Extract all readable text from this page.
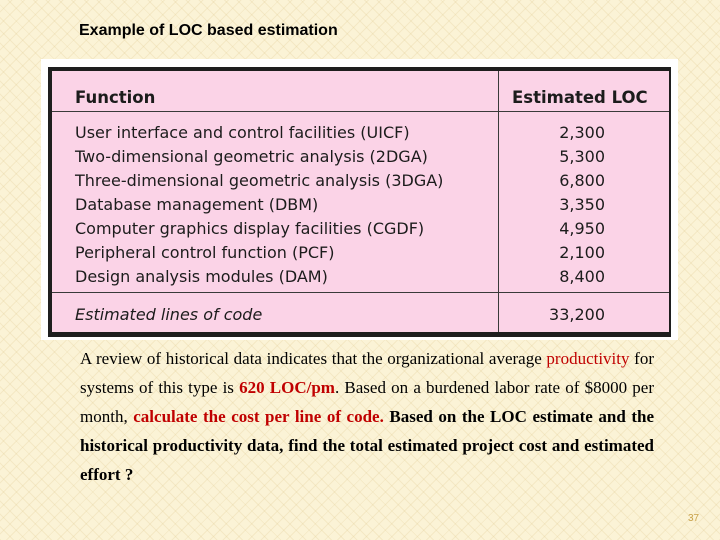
Example of LOC based estimation
Function	Estimated LOC
User interface and control facilities (UICF)
Two-dimensional geometric analysis (2DGA)
Three-dimensional geometric analysis (3DGA)
Database management (DBM)
Computer graphics display facilities (CGDF)
Peripheral control function (PCF)
Design analysis modules (DAM)
2,300
5,300
6,800
3,350
4,950
2,100
8,400
Estimated lines of code	33,200

A review of historical data indicates that the organizational average productivity for systems of this type is 620 LOC/pm. Based on a burdened labor rate of $8000 per month, calculate the cost per line of code. Based on the LOC estimate and the historical productivity data, find the total estimated project cost and estimated effort ?

37
